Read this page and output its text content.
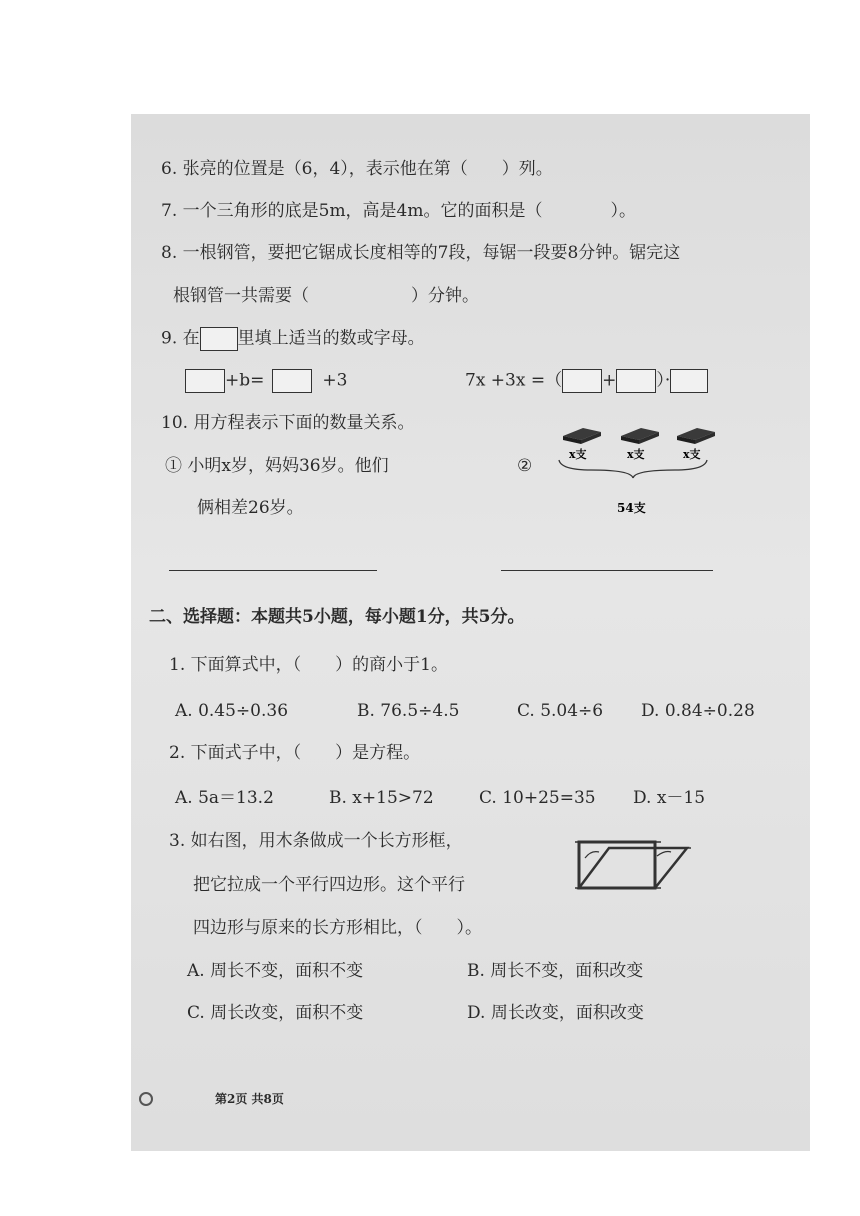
6. 张亮的位置是（6，4），表示他在第（　　）列。
7. 一个三角形的底是5m，高是4m。它的面积是（　　　　）。
8. 一根钢管，要把它锯成长度相等的7段，每锯一段要8分钟。锯完这
根钢管一共需要（　　　　　　）分钟。
9. 在 里填上适当的数或字母。
+b=	+3	7x +3x =（ + ）·
10. 用方程表示下面的数量关系。
① 小明x岁，妈妈36岁。他们
俩相差26岁。
②
x支	x支	x支
54支
二、选择题：本题共5小题，每小题1分，共5分。
1. 下面算式中，（　　）的商小于1。
A. 0.45÷0.36	B. 76.5÷4.5	C. 5.04÷6 D. 0.84÷0.28
2. 下面式子中，（　　）是方程。
A. 5a＝13.2	B. x+15>72	C. 10+25=35 D. x－15
3. 如右图，用木条做成一个长方形框，
把它拉成一个平行四边形。这个平行
四边形与原来的长方形相比，（　　）。
A. 周长不变，面积不变	B. 周长不变，面积改变
C. 周长改变，面积不变	D. 周长改变，面积改变
第2页 共8页
